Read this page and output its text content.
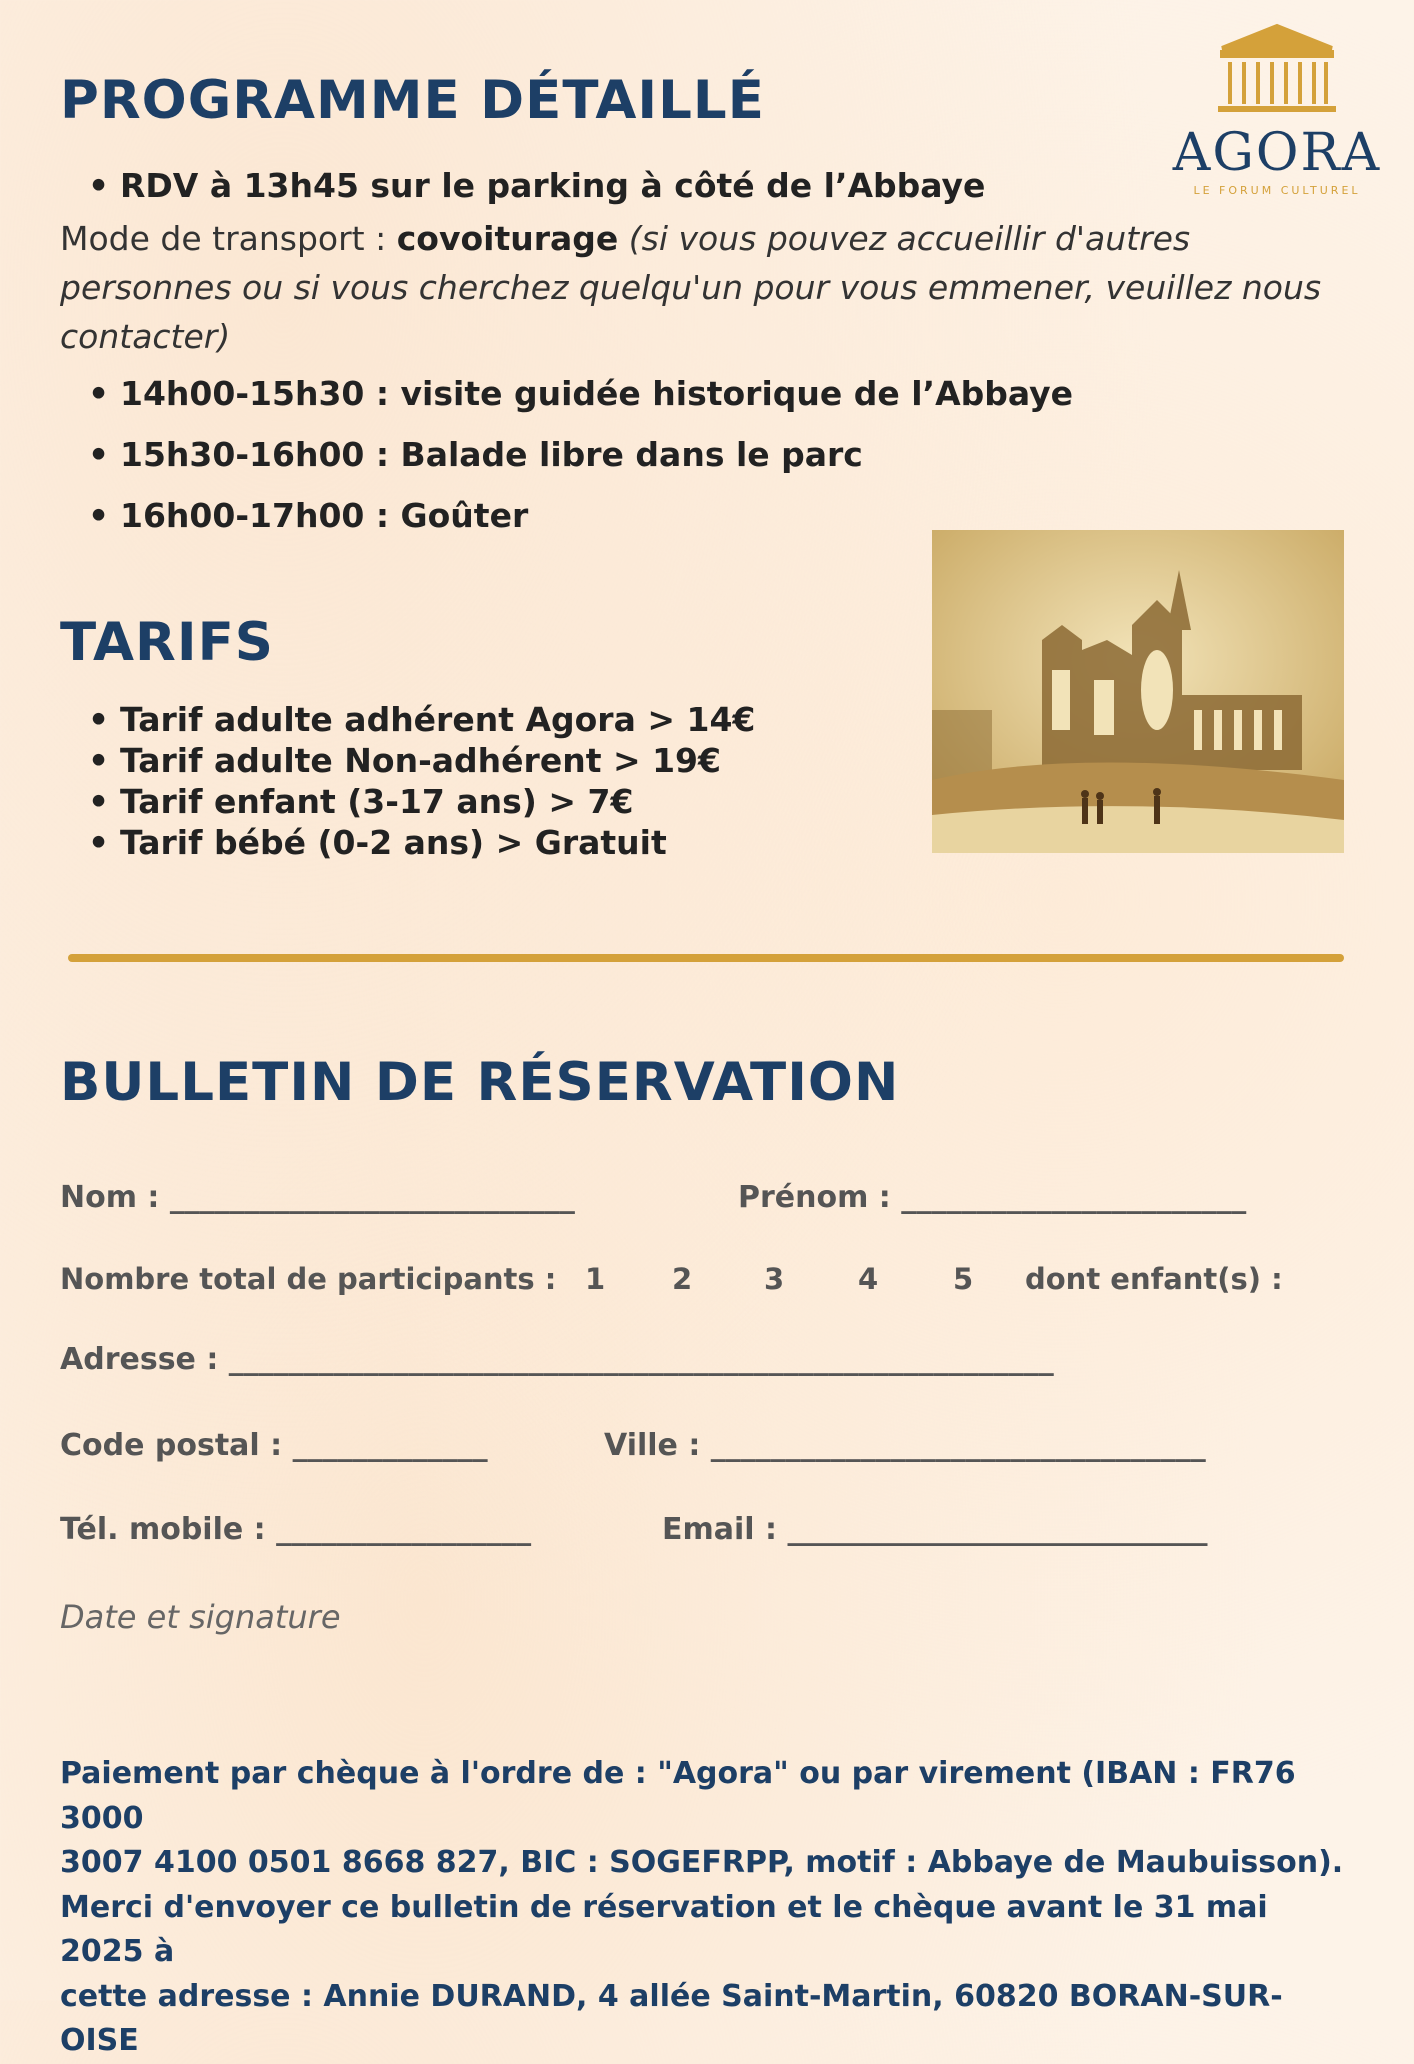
AGORA
LE FORUM CULTUREL
PROGRAMME DÉTAILLÉ
• RDV à 13h45 sur le parking à côté de l’Abbaye
Mode de transport : covoiturage (si vous pouvez accueillir d'autres personnes ou si vous cherchez quelqu'un pour vous emmener, veuillez nous contacter)
• 14h00-15h30 : visite guidée historique de l’Abbaye
• 15h30-16h00 : Balade libre dans le parc
• 16h00-17h00 : Goûter
TARIFS
• Tarif adulte adhérent Agora > 14€
• Tarif adulte Non-adhérent > 19€
• Tarif enfant (3-17 ans) > 7€
• Tarif bébé (0-2 ans) > Gratuit
BULLETIN DE RÉSERVATION
Nom : ___________________________	Prénom : _______________________
Nombre total de participants : 1 2 3	4	5 dont enfant(s) :
Adresse : _______________________________________________________
Code postal : _____________	Ville : _________________________________
Tél. mobile : _________________	Email : ____________________________
Date et signature
Paiement par chèque à l'ordre de : "Agora" ou par virement (IBAN : FR76 3000
3007 4100 0501 8668 827, BIC : SOGEFRPP, motif : Abbaye de Maubuisson).
Merci d'envoyer ce bulletin de réservation et le chèque avant le 31 mai 2025 à
cette adresse : Annie DURAND, 4 allée Saint-Martin, 60820 BORAN-SUR-OISE
